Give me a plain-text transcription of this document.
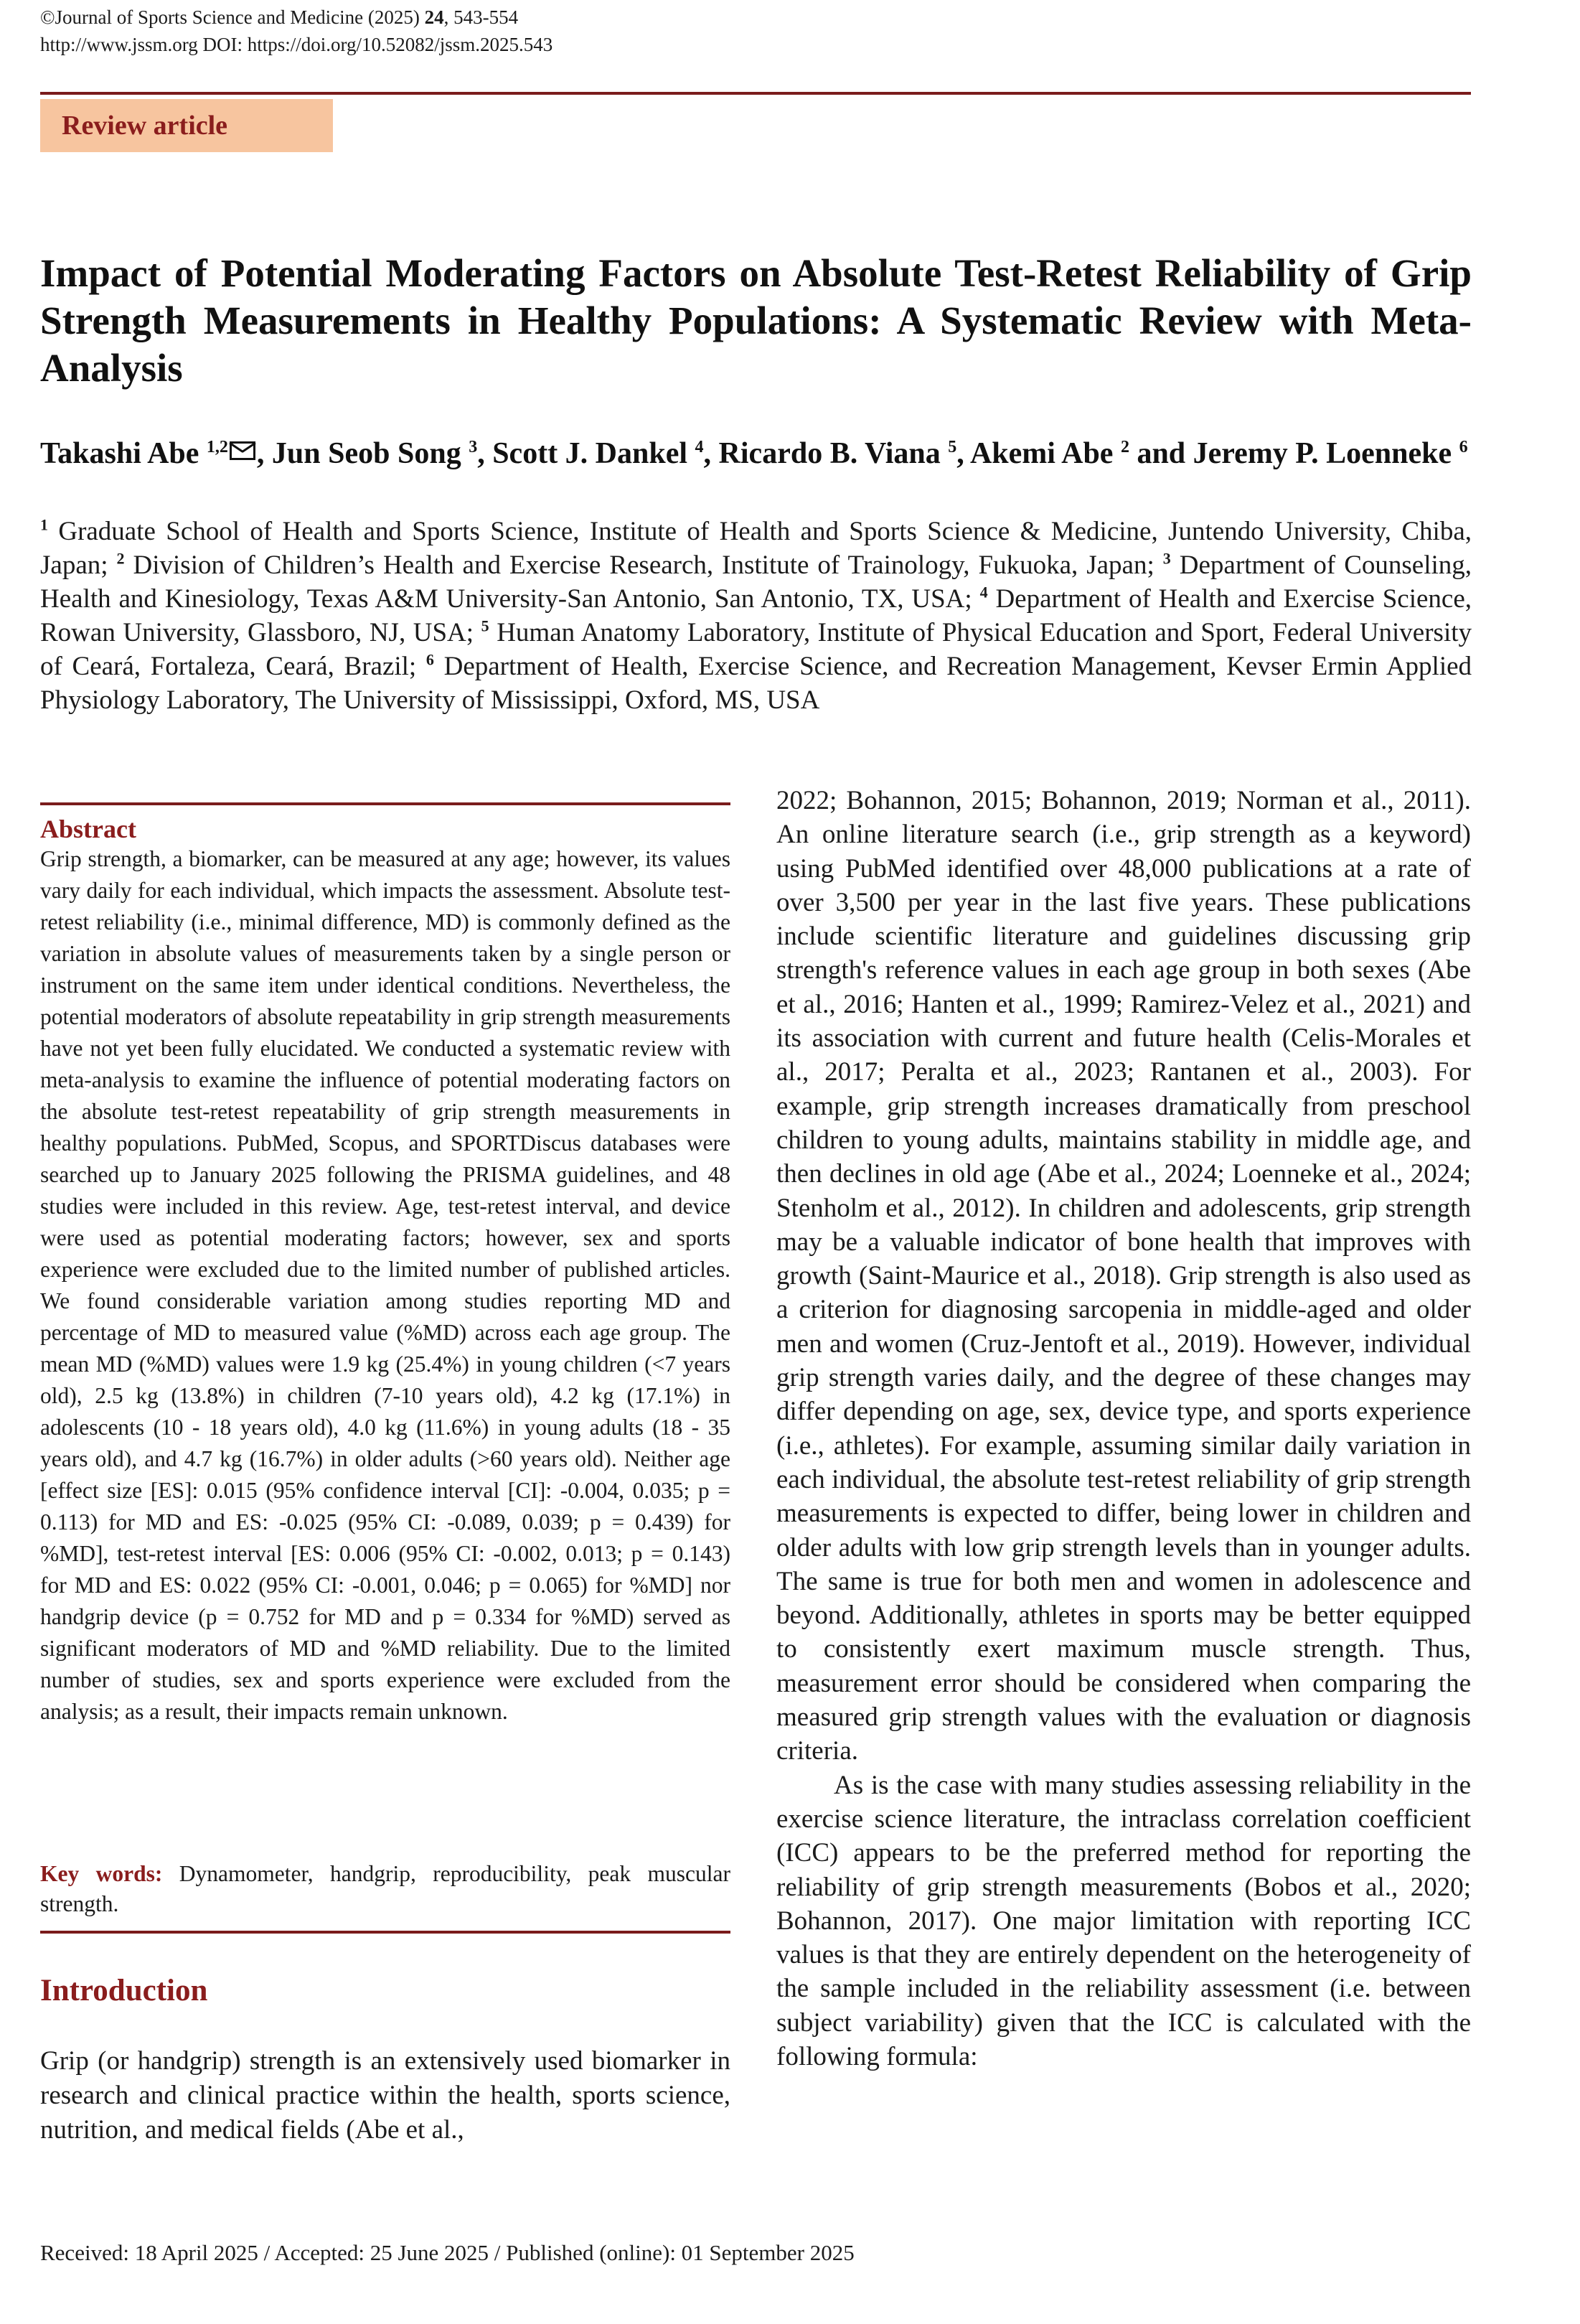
©Journal of Sports Science and Medicine (2025) 24, 543-554
http://www.jssm.org DOI: https://doi.org/10.52082/jssm.2025.543
Review article
Impact of Potential Moderating Factors on Absolute Test-Retest Reliability of Grip Strength Measurements in Healthy Populations: A Systematic Review with Meta-Analysis
Takashi Abe $^{1,2}$ , Jun Seob Song $^3$, Scott J. Dankel $^4$, Ricardo B. Viana $^5$, Akemi Abe $^2$ and Jeremy P. Loenneke $^6$
$^1$ Graduate School of Health and Sports Science, Institute of Health and Sports Science & Medicine, Juntendo University, Chiba, Japan; $^2$ Division of Children’s Health and Exercise Research, Institute of Trainology, Fukuoka, Japan; $^3$ Department of Counseling, Health and Kinesiology, Texas A&M University-San Antonio, San Antonio, TX, USA; $^4$ Department of Health and Exercise Science, Rowan University, Glassboro, NJ, USA; $^5$ Human Anatomy Laboratory, Institute of Physical Education and Sport, Federal University of Ceará, Fortaleza, Ceará, Brazil; $^6$ Department of Health, Exercise Science, and Recreation Management, Kevser Ermin Applied Physiology Laboratory, The University of Mississippi, Oxford, MS, USA
Abstract
Grip strength, a biomarker, can be measured at any age; however, its values vary daily for each individual, which impacts the assessment. Absolute test-retest reliability (i.e., minimal difference, MD) is commonly defined as the variation in absolute values of measurements taken by a single person or instrument on the same item under identical conditions. Nevertheless, the potential moderators of absolute repeatability in grip strength measurements have not yet been fully elucidated. We conducted a systematic review with meta-analysis to examine the influence of potential moderating factors on the absolute test-retest repeatability of grip strength measurements in healthy populations. PubMed, Scopus, and SPORTDiscus databases were searched up to January 2025 following the PRISMA guidelines, and 48 studies were included in this review. Age, test-retest interval, and device were used as potential moderating factors; however, sex and sports experience were excluded due to the limited number of published articles. We found considerable variation among studies reporting MD and percentage of MD to measured value (%MD) across each age group. The mean MD (%MD) values were 1.9 kg (25.4%) in young children (<7 years old), 2.5 kg (13.8%) in children (7-10 years old), 4.2 kg (17.1%) in adolescents (10 - 18 years old), 4.0 kg (11.6%) in young adults (18 - 35 years old), and 4.7 kg (16.7%) in older adults (>60 years old). Neither age [effect size [ES]: 0.015 (95% confidence interval [CI]: -0.004, 0.035; p = 0.113) for MD and ES: -0.025 (95% CI: -0.089, 0.039; p = 0.439) for %MD], test-retest interval [ES: 0.006 (95% CI: -0.002, 0.013; p = 0.143) for MD and ES: 0.022 (95% CI: -0.001, 0.046; p = 0.065) for %MD] nor handgrip device (p = 0.752 for MD and p = 0.334 for %MD) served as significant moderators of MD and %MD reliability. Due to the limited number of studies, sex and sports experience were excluded from the analysis; as a result, their impacts remain unknown.
Key words: Dynamometer, handgrip, reproducibility, peak muscular strength.
Introduction
Grip (or handgrip) strength is an extensively used biomarker in research and clinical practice within the health, sports science, nutrition, and medical fields (Abe et al.,

2022; Bohannon, 2015; Bohannon, 2019; Norman et al., 2011). An online literature search (i.e., grip strength as a keyword) using PubMed identified over 48,000 publications at a rate of over 3,500 per year in the last five years. These publications include scientific literature and guidelines discussing grip strength's reference values in each age group in both sexes (Abe et al., 2016; Hanten et al., 1999; Ramirez-Velez et al., 2021) and its association with current and future health (Celis-Morales et al., 2017; Peralta et al., 2023; Rantanen et al., 2003). For example, grip strength increases dramatically from preschool children to young adults, maintains stability in middle age, and then declines in old age (Abe et al., 2024; Loenneke et al., 2024; Stenholm et al., 2012). In children and adolescents, grip strength may be a valuable indicator of bone health that improves with growth (Saint-Maurice et al., 2018). Grip strength is also used as a criterion for diagnosing sarcopenia in middle-aged and older men and women (Cruz-Jentoft et al., 2019). However, individual grip strength varies daily, and the degree of these changes may differ depending on age, sex, device type, and sports experience (i.e., athletes). For example, assuming similar daily variation in each individual, the absolute test-retest reliability of grip strength measurements is expected to differ, being lower in children and older adults with low grip strength levels than in younger adults. The same is true for both men and women in adolescence and beyond. Additionally, athletes in sports may be better equipped to consistently exert maximum muscle strength. Thus, measurement error should be considered when comparing the measured grip strength values with the evaluation or diagnosis criteria.

As is the case with many studies assessing reliability in the exercise science literature, the intraclass correlation coefficient (ICC) appears to be the preferred method for reporting the reliability of grip strength measurements (Bobos et al., 2020; Bohannon, 2017). One major limitation with reporting ICC values is that they are entirely dependent on the heterogeneity of the sample included in the reliability assessment (i.e. between subject variability) given that the ICC is calculated with the following formula:

Received: 18 April 2025 / Accepted: 25 June 2025 / Published (online): 01 September 2025
